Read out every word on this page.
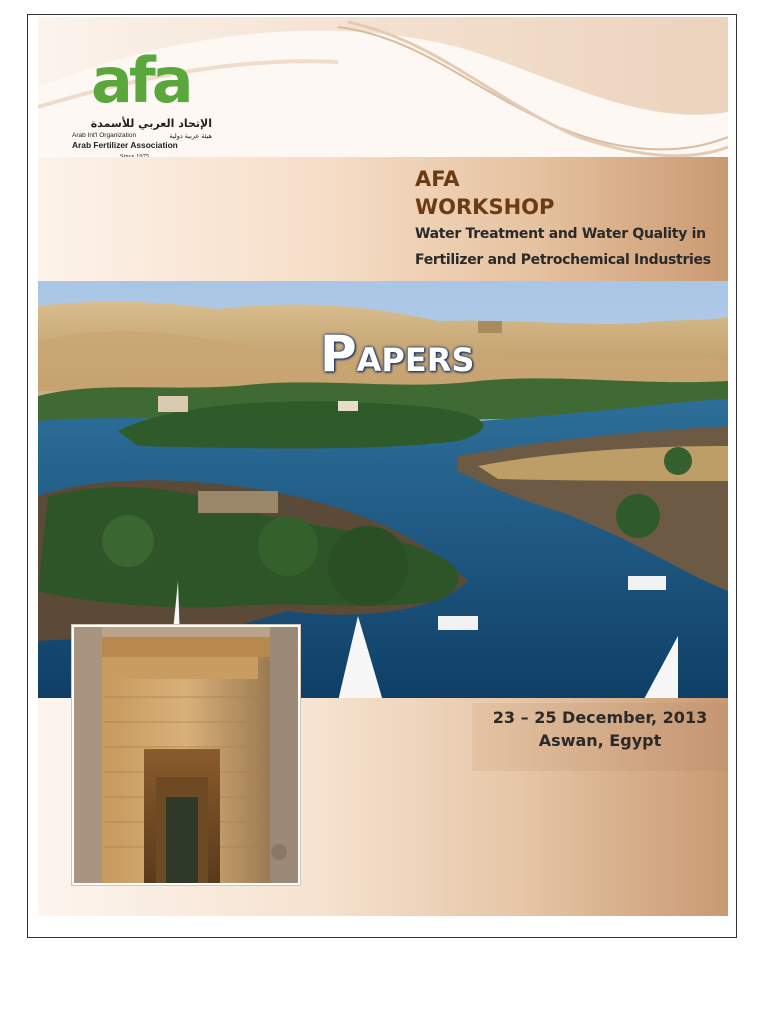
afa
الإتحاد العربي للأسمدة
Arab Int'l Organization	هيئة عربية دولية
Arab Fertilizer Association
AFA
WORKSHOP
Water Treatment and Water Quality in
Fertilizer and Petrochemical Industries
PAPERS
23 – 25 December, 2013
Aswan, Egypt
